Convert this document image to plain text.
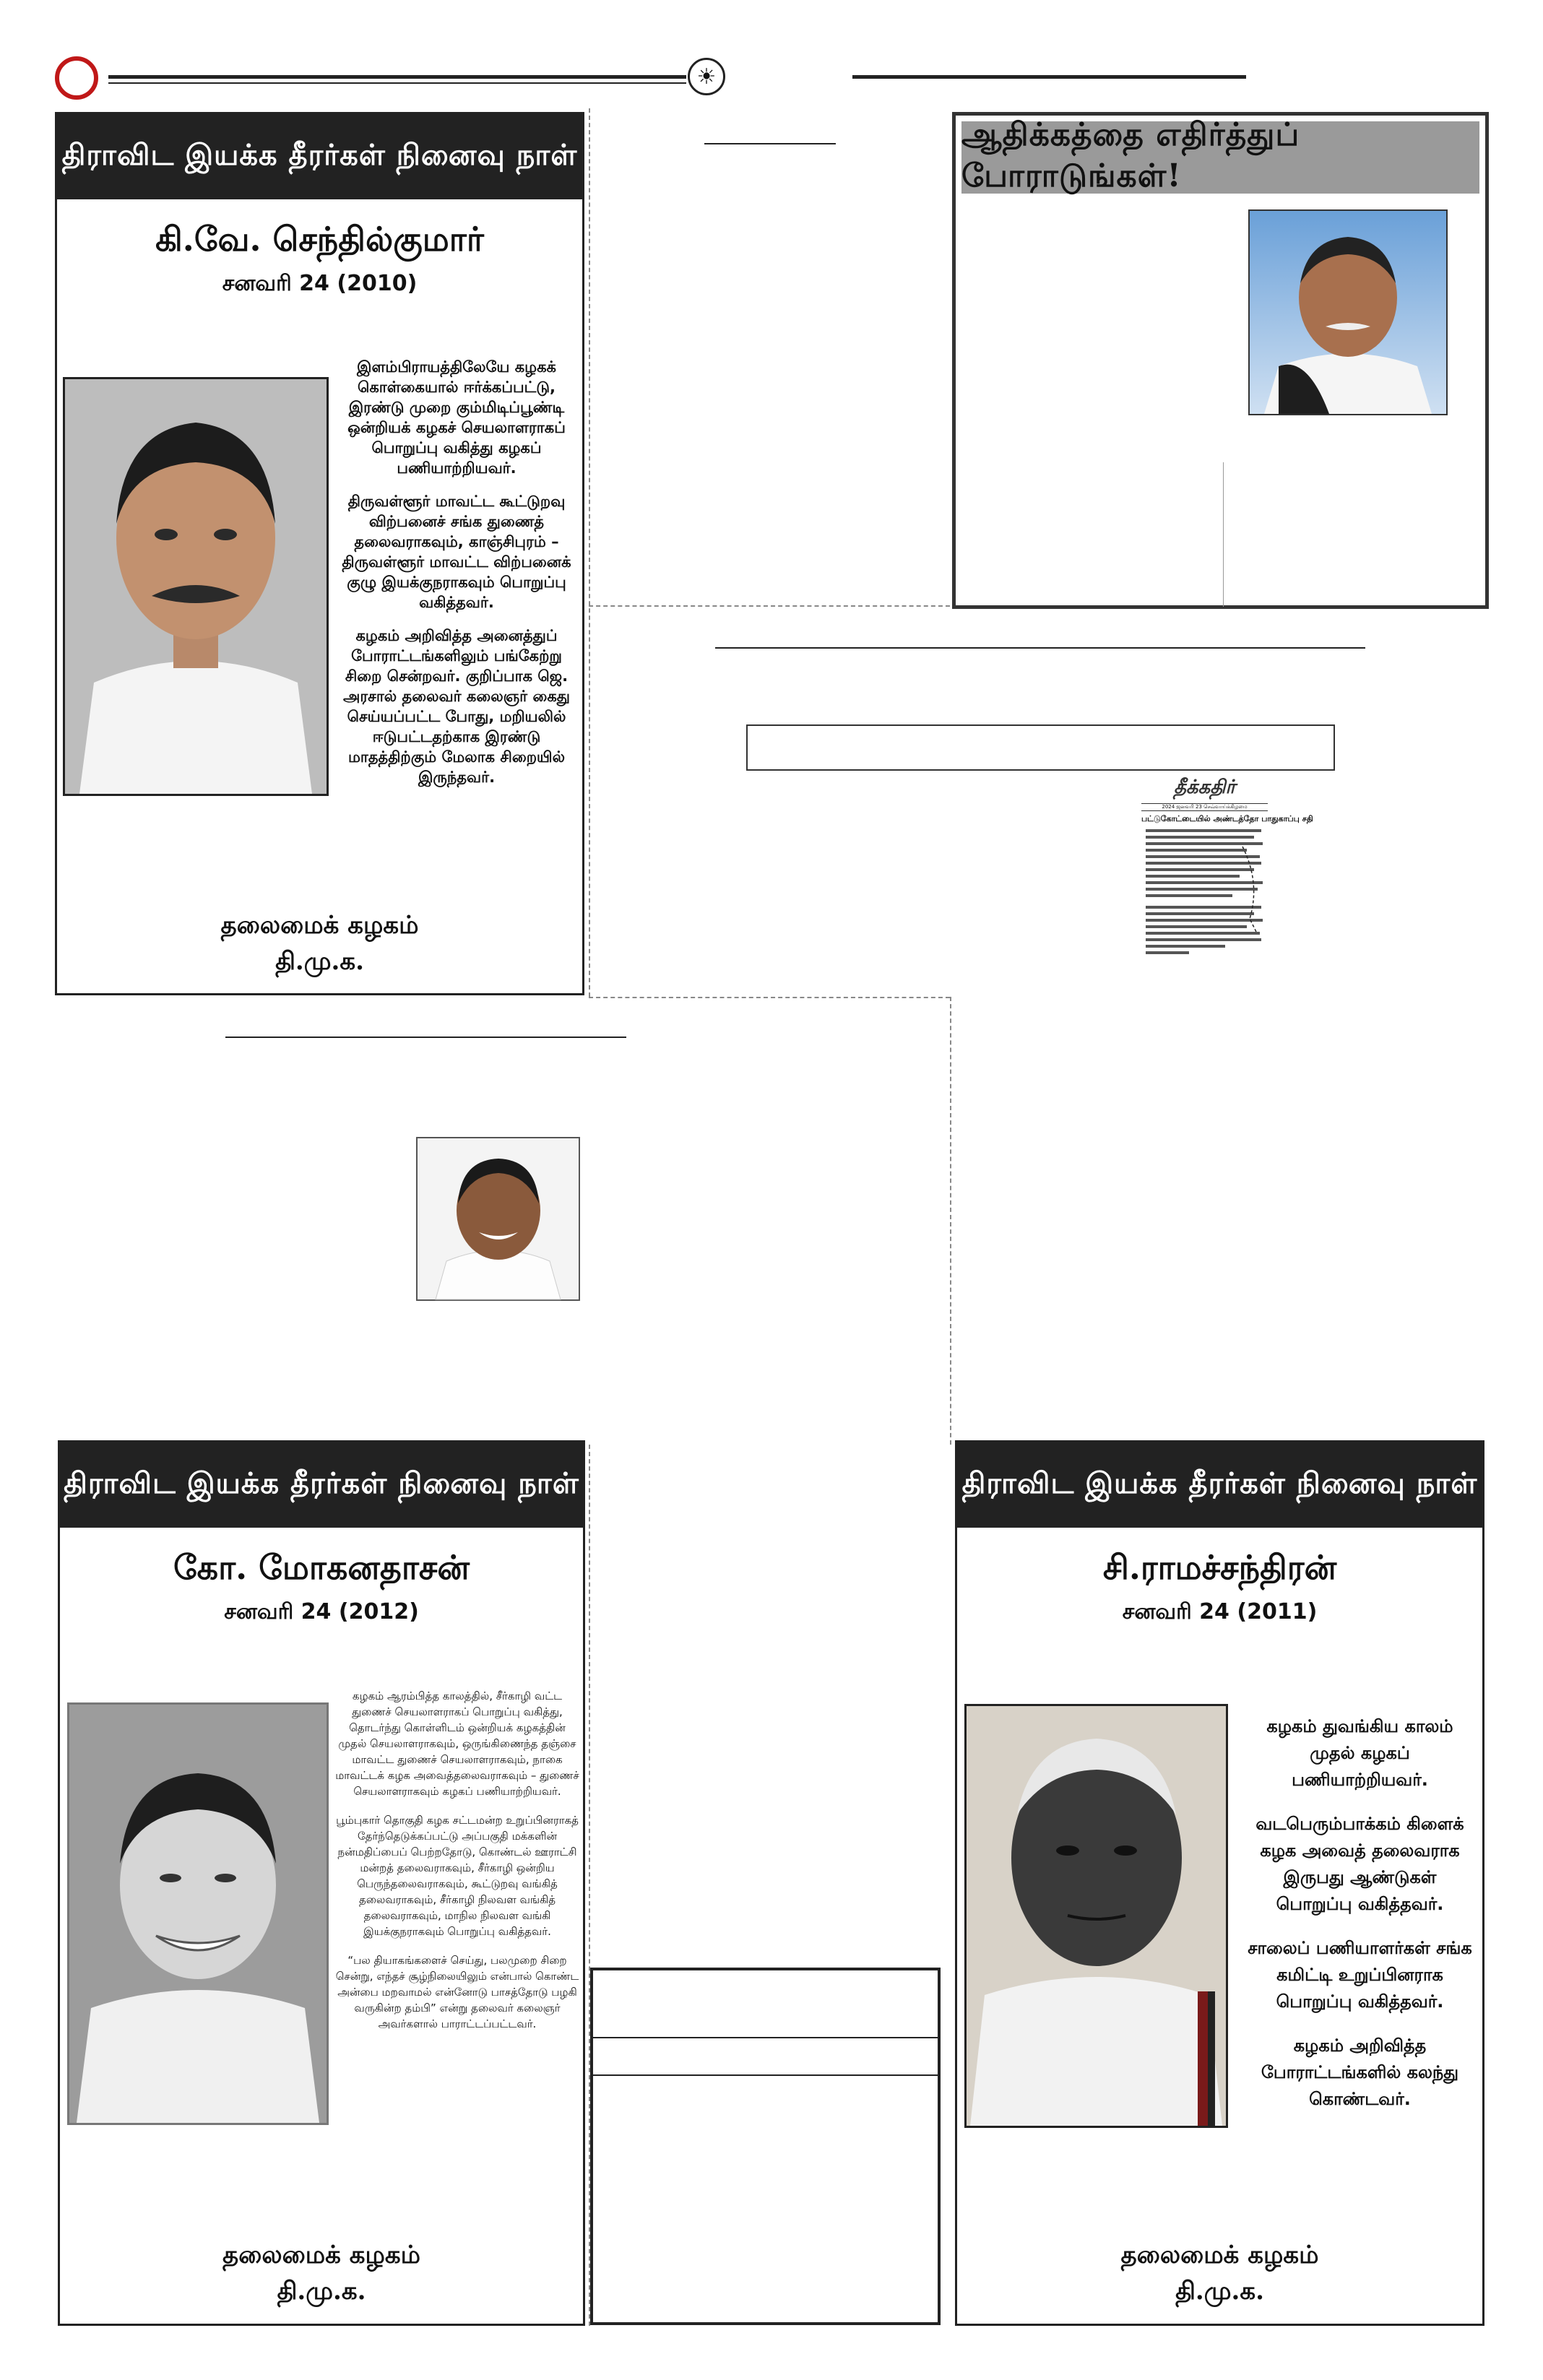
☀
திராவிட இயக்க தீரர்கள் நினைவு நாள்
கி.வே. செந்தில்குமார்
சனவரி 24 (2010)

இளம்பிராயத்திலேயே கழகக் கொள்கையால் ஈர்க்கப்பட்டு, இரண்டு முறை கும்மிடிப்பூண்டி ஒன்றியக் கழகச் செயலாளராகப் பொறுப்பு வகித்து கழகப் பணியாற்றியவர்.

திருவள்ளூர் மாவட்ட கூட்டுறவு விற்பனைச் சங்க துணைத் தலைவராகவும், காஞ்சிபுரம் – திருவள்ளூர் மாவட்ட விற்பனைக் குழு இயக்குநராகவும் பொறுப்பு வகித்தவர்.

கழகம் அறிவித்த அனைத்துப் போராட்டங்களிலும் பங்கேற்று சிறை சென்றவர். குறிப்பாக ஜெ. அரசால் தலைவர் கலைஞர் கைது செய்யப்பட்ட போது, மறியலில் ஈடுபட்டதற்காக இரண்டு மாதத்திற்கும் மேலாக சிறையில் இருந்தவர்.

தலைமைக் கழகம்
தி.மு.க.
ஆதிக்கத்தை எதிர்த்துப் போராடுங்கள்!
தீக்கதிர்
2024 ஜனவரி 23 செவ்வாய்க்கிழமை
பட்டுகோட்டையில் அண்டத்தோ பாதுகாப்பு சதி
திராவிட இயக்க தீரர்கள் நினைவு நாள்
கோ. மோகனதாசன்
சனவரி 24 (2012)

கழகம் ஆரம்பித்த காலத்தில், சீர்காழி வட்ட துணைச் செயலாளராகப் பொறுப்பு வகித்து, தொடர்ந்து கொள்ளிடம் ஒன்றியக் கழகத்தின் முதல் செயலாளராகவும், ஒருங்கிணைந்த தஞ்சை மாவட்ட துணைச் செயலாளராகவும், நாகை மாவட்டக் கழக அவைத்தலைவராகவும் – துணைச் செயலாளராகவும் கழகப் பணியாற்றியவர்.

பூம்புகார் தொகுதி கழக சட்டமன்ற உறுப்பினராகத் தேர்ந்தெடுக்கப்பட்டு அப்பகுதி மக்களின் நன்மதிப்பைப் பெற்றதோடு, கொண்டல் ஊராட்சி மன்றத் தலைவராகவும், சீர்காழி ஒன்றிய பெருந்தலைவராகவும், கூட்டுறவு வங்கித் தலைவராகவும், சீர்காழி நிலவள வங்கித் தலைவராகவும், மாநில நிலவள வங்கி இயக்குநராகவும் பொறுப்பு வகித்தவர்.

“பல தியாகங்களைச் செய்து, பலமுறை சிறை சென்று, எந்தச் சூழ்நிலையிலும் என்பால் கொண்ட அன்பை மறவாமல் என்னோடு பாசத்தோடு பழகி வருகின்ற தம்பி” என்று தலைவர் கலைஞர் அவர்களால் பாராட்டப்பட்டவர்.

தலைமைக் கழகம்
தி.மு.க.
திராவிட இயக்க தீரர்கள் நினைவு நாள்
சி.ராமச்சந்திரன்
சனவரி 24 (2011)

கழகம் துவங்கிய காலம் முதல் கழகப் பணியாற்றியவர்.

வடபெரும்பாக்கம் கிளைக் கழக அவைத் தலைவராக இருபது ஆண்டுகள் பொறுப்பு வகித்தவர்.

சாலைப் பணியாளர்கள் சங்க கமிட்டி உறுப்பினராக பொறுப்பு வகித்தவர்.

கழகம் அறிவித்த போராட்டங்களில் கலந்து கொண்டவர்.

தலைமைக் கழகம்
தி.மு.க.
